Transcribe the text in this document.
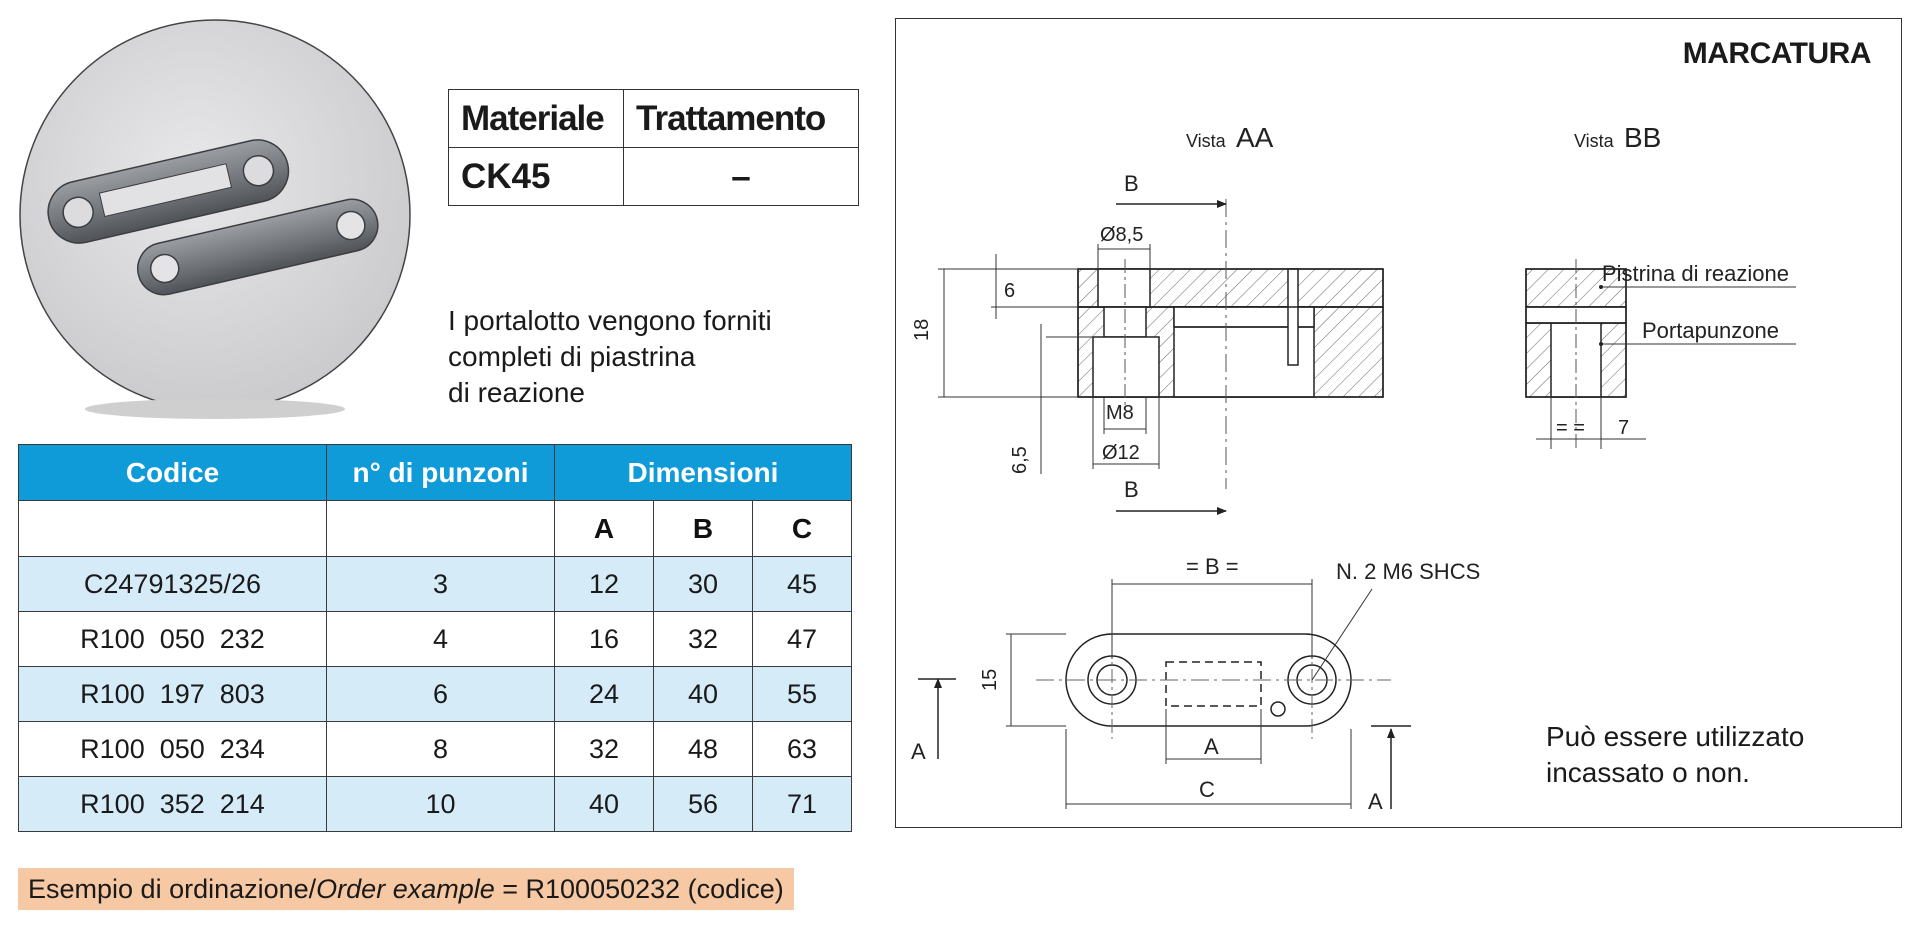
Materiale	Trattamento
CK45	–
I portalotto vengono forniti
completi di piastrina
di reazione
Codice	n° di punzoni	Dimensioni		
		A	B	C
C24791325/26	3	12	30	45
R100  050  232	4	16	32	47
R100  197  803	6	24	40	55
R100  050  234	8	32	48	63
R100  352  214	10	40	56	71
Esempio di ordinazione/Order example = R100050232 (codice)
Vista AA	Vista BB
B
B
Ø8,5
6
18
6,5
M8
Ø12
Pistrina di reazione
Portapunzone
= = 7
= B =	N. 2 M6 SHCS
15
A
C
A
A
MARCATURA
Può essere utilizzato
incassato o non.
